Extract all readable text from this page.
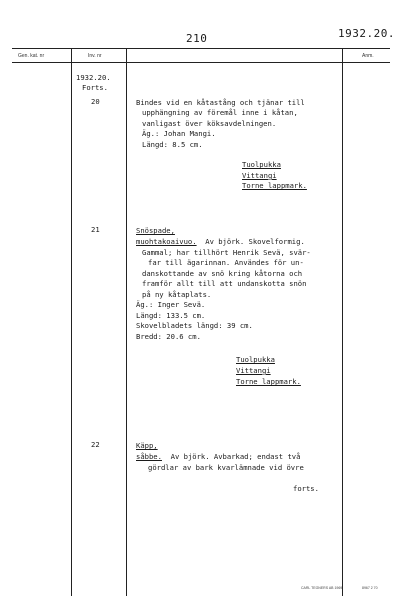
210	1932.20.
Gen. kat. nr	Inv. nr	Anm.
1932.20.
Forts.
20	Bindes vid en kåtastång och tjänar till
upphängning av föremål inne i kåtan,
vanligast över köksavdelningen.
Äg.: Johan Mangi.
Längd: 8.5 cm.
Tuolpukka
Vittangi
Torne lappmark.
21	Snöspade,
muohtakoaivuo.  Av björk. Skovelformig.
Gammal; har tillhört Henrik Sevä, svär-
far till ägarinnan. Användes för un-
danskottande av snö kring kåtorna och
framför allt till att undanskotta snön
på ny kåtaplats.
Äg.: Inger Sevä.
Längd: 133.5 cm.
Skovelbladets längd: 39 cm.
Bredd: 20.6 cm.
Tuolpukka
Vittangi
Torne lappmark.
22	Käpp,
såbbe.  Av björk. Avbarkad; endast två
gördlar av bark kvarlämnade vid övre
forts.
CARL TEGNERS AB 1969	8967 2 70
